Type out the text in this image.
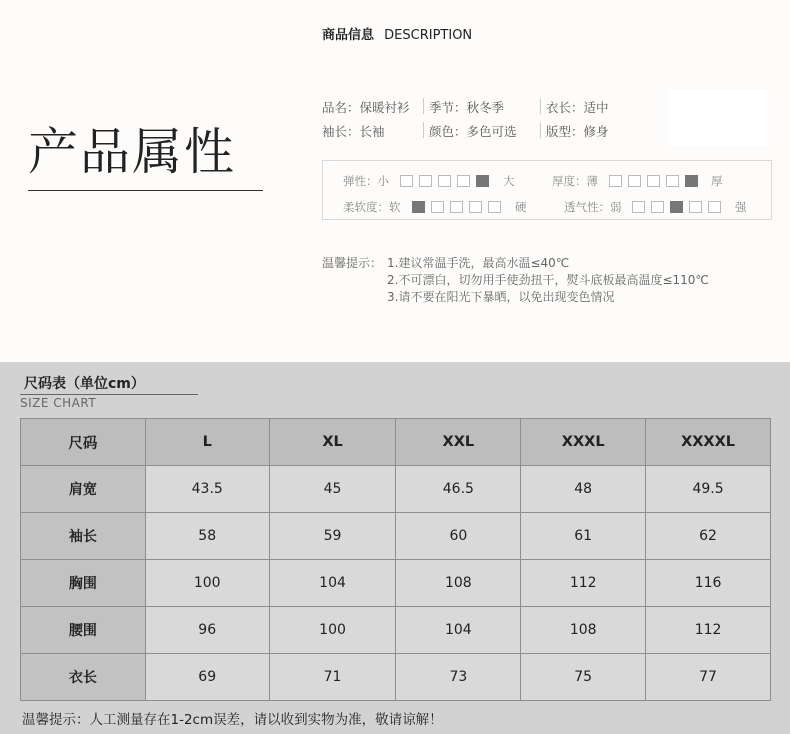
商品信息 DESCRIPTION
产品属性
品名：保暖衬衫 季节：秋冬季	衣长：适中
袖长：长袖	颜色：多色可选 版型：修身
弹性：小	大	厚度：薄	厚
柔软度：软	硬	透气性：弱	强
温馨提示： 1.建议常温手洗，最高水温≤40℃
2.不可漂白，切勿用手使劲扭干，熨斗底板最高温度≤110℃
3.请不要在阳光下暴晒，以免出现变色情况
尺码表（单位cm）
SIZE CHART
尺码	L	XL	XXL	XXXL	XXXXL
肩宽	43.5	45	46.5	48	49.5
袖长	58	59	60	61	62
胸围	100	104	108	112	116
腰围	96	100	104	108	112
衣长	69	71	73	75	77
温馨提示：人工测量存在1-2cm误差，请以收到实物为准，敬请谅解！
